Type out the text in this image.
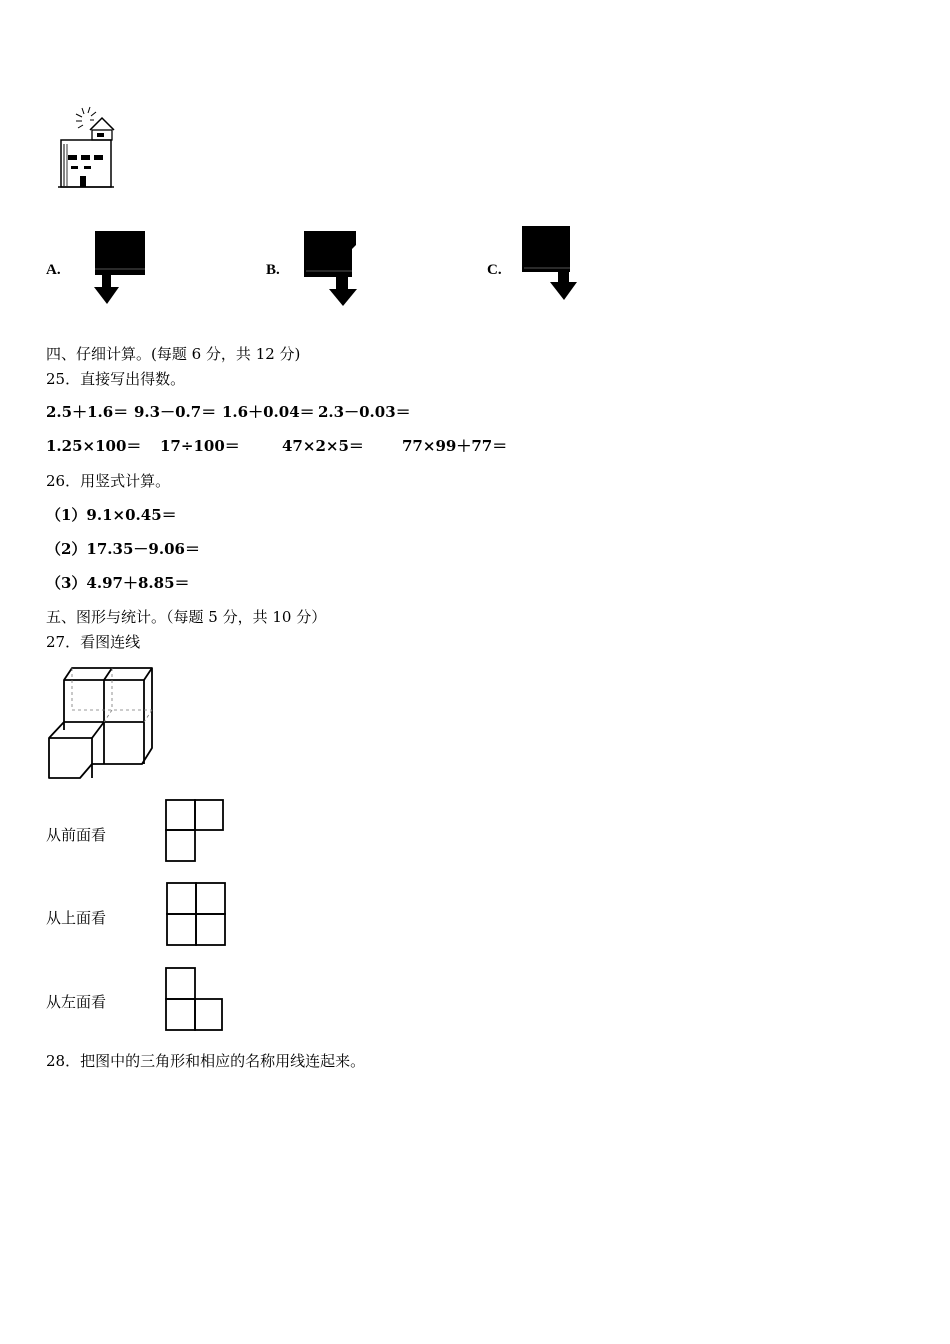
A.	B.	C.
四、仔细计算。(每题 6 分，共 12 分)
25．直接写出得数。
2.5＋1.6＝ 9.3－0.7＝ 1.6＋0.04＝ 2.3－0.03＝
1.25×100＝ 17÷100＝	47×2×5＝	77×99＋77＝
26．用竖式计算。
（1）9.1×0.45＝
（2）17.35－9.06＝
（3）4.97＋8.85＝
五、图形与统计。（每题 5 分，共 10 分）
27．看图连线
从前面看
从上面看
从左面看
28．把图中的三角形和相应的名称用线连起来。
